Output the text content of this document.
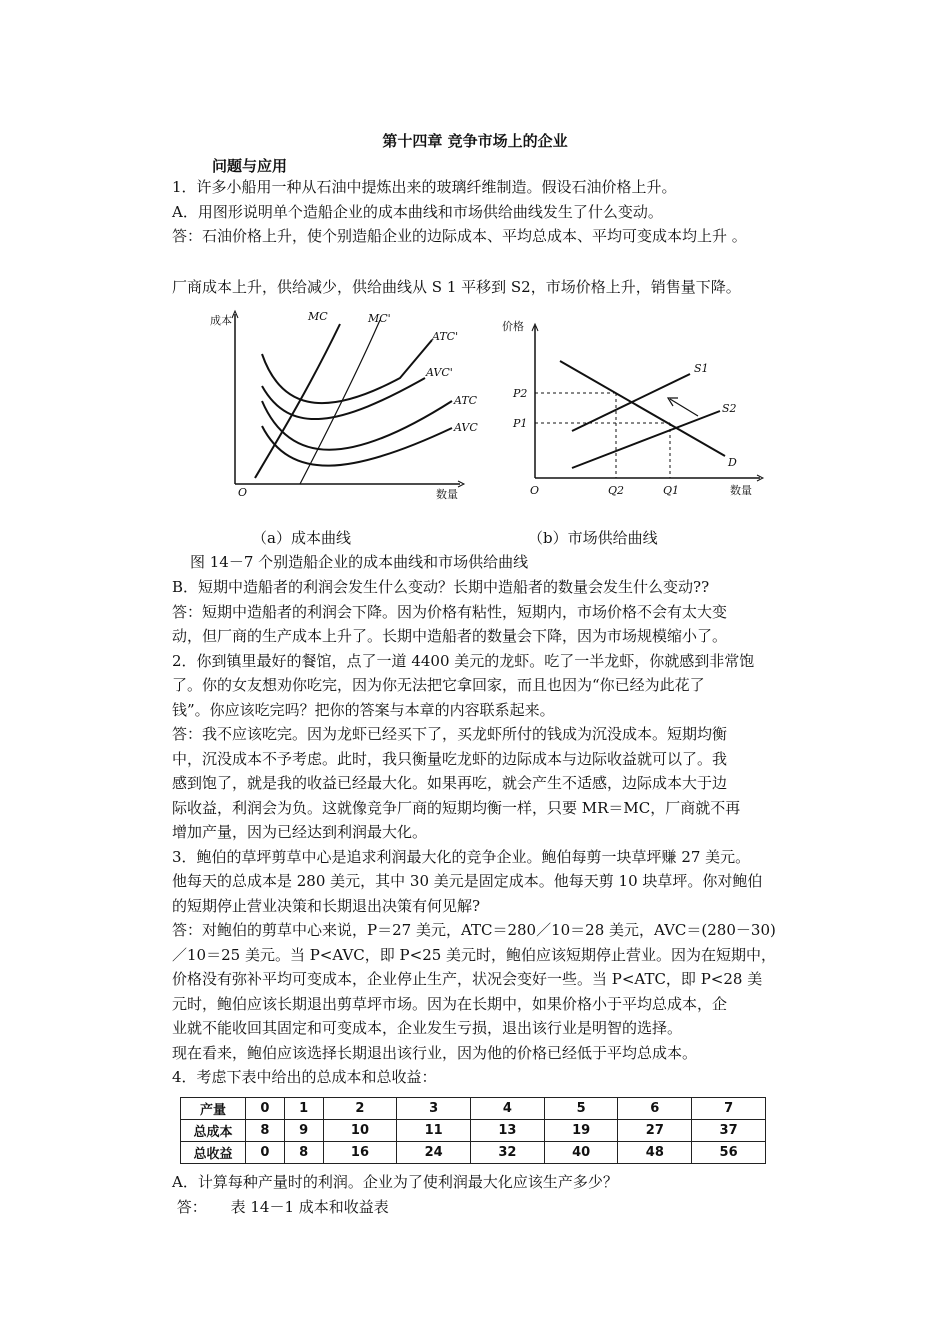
第十四章 竞争市场上的企业
问题与应用

1．许多小船用一种从石油中提炼出来的玻璃纤维制造。假设石油价格上升。

A．用图形说明单个造船企业的成本曲线和市场供给曲线发生了什么变动。

答：石油价格上升，使个别造船企业的边际成本、平均总成本、平均可变成本均上升 。

厂商成本上升，供给减少，供给曲线从 S 1 平移到 S2，市场价格上升，销售量下降。

成本
数量
O
MC	MC'
ATC'
AVC'
ATC
AVC
价格
数量
O
S1
S2
D
P2
P1
Q2	Q1
（a）成本曲线	（b）市场供给曲线
图 14－7 个别造船企业的成本曲线和市场供给曲线

B．短期中造船者的利润会发生什么变动？长期中造船者的数量会发生什么变动??

答：短期中造船者的利润会下降。因为价格有粘性，短期内，市场价格不会有太大变

动，但厂商的生产成本上升了。长期中造船者的数量会下降，因为市场规模缩小了。

2．你到镇里最好的餐馆，点了一道 4400 美元的龙虾。吃了一半龙虾，你就感到非常饱

了。你的女友想劝你吃完，因为你无法把它拿回家，而且也因为“你已经为此花了

钱”。你应该吃完吗？把你的答案与本章的内容联系起来。

答：我不应该吃完。因为龙虾已经买下了，买龙虾所付的钱成为沉没成本。短期均衡

中，沉没成本不予考虑。此时，我只衡量吃龙虾的边际成本与边际收益就可以了。我

感到饱了，就是我的收益已经最大化。如果再吃，就会产生不适感，边际成本大于边

际收益，利润会为负。这就像竞争厂商的短期均衡一样，只要 MR＝MC，厂商就不再

增加产量，因为已经达到利润最大化。

3．鲍伯的草坪剪草中心是追求利润最大化的竞争企业。鲍伯每剪一块草坪赚 27 美元。

他每天的总成本是 280 美元，其中 30 美元是固定成本。他每天剪 10 块草坪。你对鲍伯

的短期停止营业决策和长期退出决策有何见解?

答：对鲍伯的剪草中心来说，P＝27 美元，ATC＝280／10＝28 美元，AVC＝(280－30)

／10＝25 美元。当 P<AVC，即 P<25 美元时，鲍伯应该短期停止营业。因为在短期中，

价格没有弥补平均可变成本，企业停止生产，状况会变好一些。当 P<ATC，即 P<28 美

元时，鲍伯应该长期退出剪草坪市场。因为在长期中，如果价格小于平均总成本，企

业就不能收回其固定和可变成本，企业发生亏损，退出该行业是明智的选择。

现在看来，鲍伯应该选择长期退出该行业，因为他的价格已经低于平均总成本。

4．考虑下表中给出的总成本和总收益：

产量	0	1	2	3	4	5	6	7
总成本	8	9	10	11	13	19	27	37
总收益	0	8	16	24	32	40	48	56

A．计算每种产量时的利润。企业为了使利润最大化应该生产多少？

答：     表 14－1 成本和收益表
